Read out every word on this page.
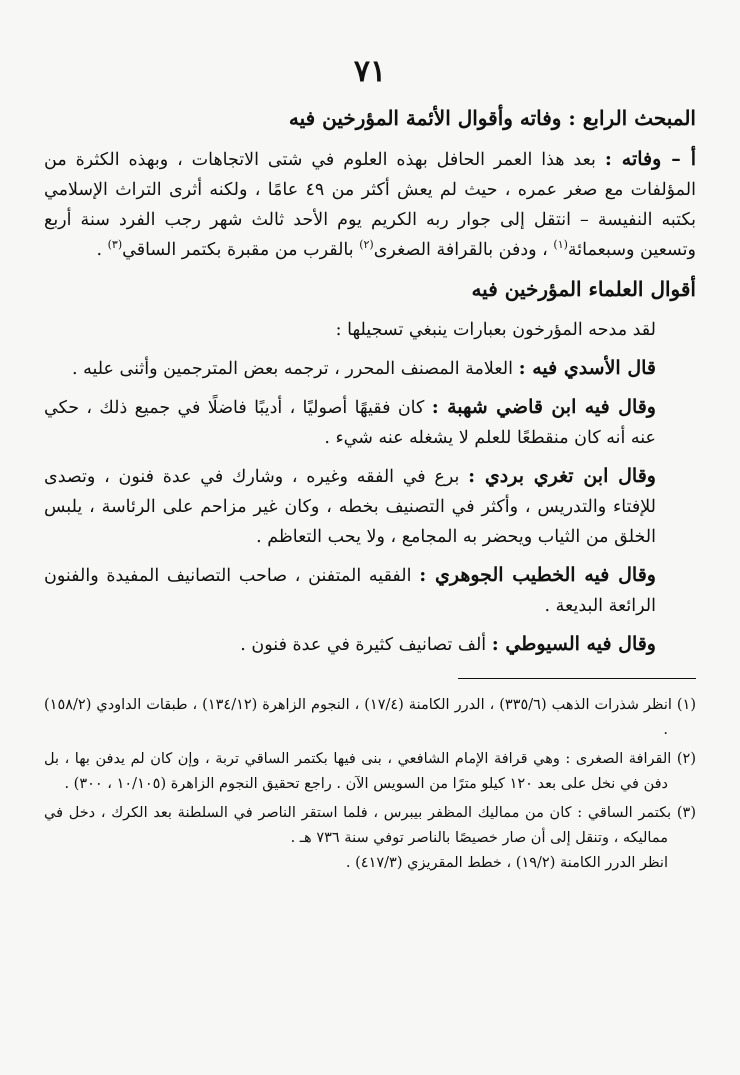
٧١
المبحث الرابع : وفاته وأقوال الأئمة المؤرخين فيه

أ – وفاته : بعد هذا العمر الحافل بهذه العلوم في شتى الاتجاهات ، وبهذه الكثرة من المؤلفات مع صغر عمره ، حيث لم يعش أكثر من ٤٩ عامًا ، ولكنه أثرى التراث الإسلامي بكتبه النفيسة – انتقل إلى جوار ربه الكريم يوم الأحد ثالث شهر رجب الفرد سنة أربع وتسعين وسبعمائة$^{(١)}$ ، ودفن بالقرافة الصغرى$^{(٢)}$ بالقرب من مقبرة بكتمر الساقي$^{(٣)}$ .

أقوال العلماء المؤرخين فيه

لقد مدحه المؤرخون بعبارات ينبغي تسجيلها :

قال الأسدي فيه : العلامة المصنف المحرر ، ترجمه بعض المترجمين وأثنى عليه .

وقال فيه ابن قاضي شهبة : كان فقيهًا أصوليًا ، أديبًا فاضلًا في جميع ذلك ، حكي عنه أنه كان منقطعًا للعلم لا يشغله عنه شيء .

وقال ابن تغري بردي : برع في الفقه وغيره ، وشارك في عدة فنون ، وتصدى للإفتاء والتدريس ، وأكثر في التصنيف بخطه ، وكان غير مزاحم على الرئاسة ، يلبس الخلق من الثياب ويحضر به المجامع ، ولا يحب التعاظم .

وقال فيه الخطيب الجوهري : الفقيه المتفنن ، صاحب التصانيف المفيدة والفنون الرائعة البديعة .

وقال فيه السيوطي : ألف تصانيف كثيرة في عدة فنون .

(١) انظر شذرات الذهب (٣٣٥/٦) ، الدرر الكامنة (١٧/٤) ، النجوم الزاهرة (١٣٤/١٢) ، طبقات الداودي (١٥٨/٢) .

(٢) القرافة الصغرى : وهي قرافة الإمام الشافعي ، بنى فيها بكتمر الساقي تربة ، وإن كان لم يدفن بها ، بل دفن في نخل على بعد ١٢٠ كيلو مترًا من السويس الآن . راجع تحقيق النجوم الزاهرة (١٠/١٠٥ ، ٣٠٠) .

(٣) بكتمر الساقي : كان من مماليك المظفر بيبرس ، فلما استقر الناصر في السلطنة بعد الكرك ، دخل في مماليكه ، وتنقل إلى أن صار خصيصًا بالناصر توفي سنة ٧٣٦ هـ .
انظر الدرر الكامنة (١٩/٢) ، خطط المقريزي (٤١٧/٣) .
